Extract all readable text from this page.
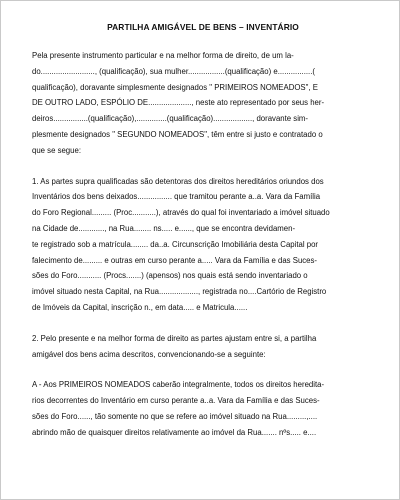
PARTILHA AMIGÁVEL DE BENS – INVENTÁRIO

Pela presente instrumento particular e na melhor forma de direito, de um la-
do........................., (qualificação), sua mulher.................(qualificação) e................(
qualificação), doravante simplesmente designados " PRIMEIROS NOMEADOS", E
DE OUTRO LADO, ESPÓLIO DE...................., neste ato representado por seus her-
deiros................(qualificação),..............(qualificação).................., doravante sim-
plesmente designados " SEGUNDO NOMEADOS", têm entre si justo e contratado o
que se segue:

1. As partes supra qualificadas são detentoras dos direitos hereditários oriundos dos
Inventários dos bens deixados................ que tramitou perante a..a. Vara da Família
do Foro Regional......... (Proc...........), através do qual foi inventariado a imóvel situado
na Cidade de............, na Rua........ ns..... e......, que se encontra devidamen-
te registrado sob a matrícula........ da..a. Circunscrição Imobiliária desta Capital por
falecimento de......... e outras em curso perante a..... Vara da Família e das Suces-
sões do Foro........... (Procs.......) (apensos) nos quais está sendo inventariado o
imóvel situado nesta Capital, na Rua.................., registrada no....Cartório de Registro
de Imóveis da Capital, inscrição n., em data..... e Matricula......

2. Pelo presente e na melhor forma de direito as partes ajustam entre si, a partilha
amigável dos bens acima descritos, convencionando-se a seguinte:

A - Aos PRIMEIROS NOMEADOS caberão integralmente, todos os direitos heredita-
rios decorrentes do Inventário em curso perante a..a. Vara da Família e das Suces-
sões do Foro......, tão somente no que se refere ao imóvel situado na Rua.........,....
abrindo mão de quaisquer direitos relativamente ao imóvel da Rua....... nºs..... e....
